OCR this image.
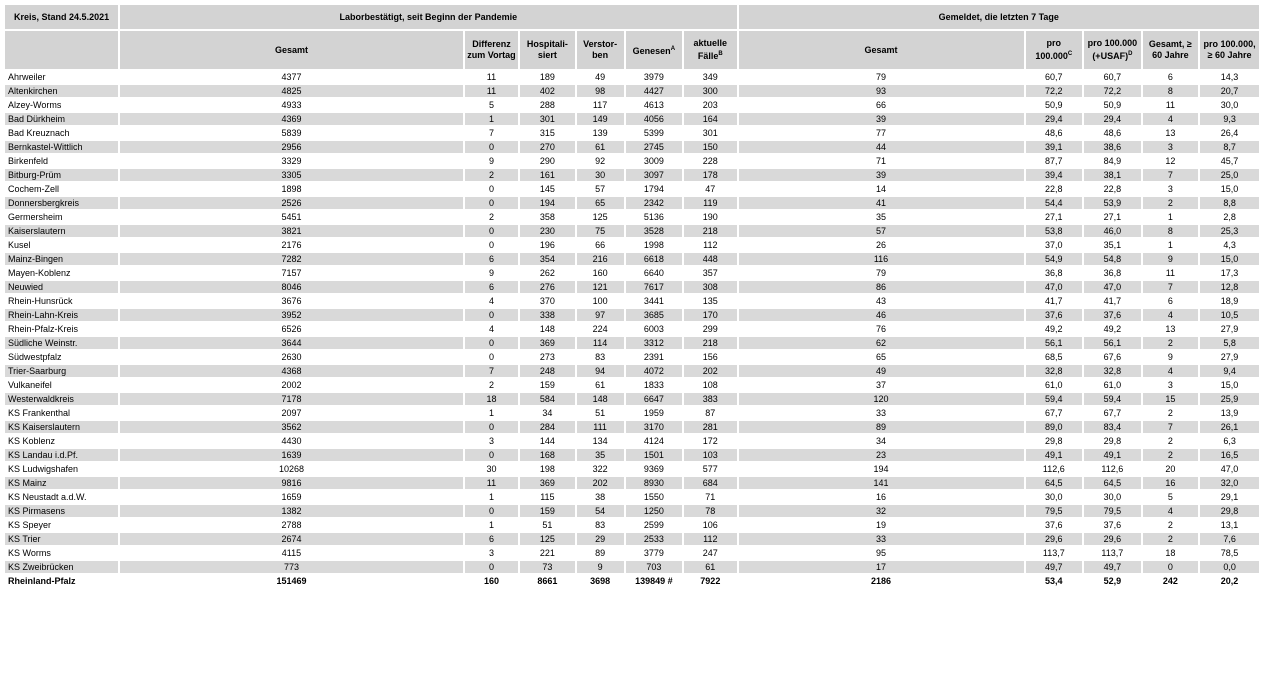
Kreis, Stand 24.5.2021	Laborbestätigt, seit Beginn der Pandemie						Gemeldet, die letzten 7 Tage				
	Gesamt	Differenz zum Vortag	Hospitali-siert	Verstor-ben	Genesen$^A$	aktuelle Fälle$^B$	Gesamt	pro $100.000^C$	pro 100.000 (+USAF)$^D$	Gesamt, ≥ 60 Jahre	pro 100.000, ≥ 60 Jahre
Ahrweiler	4377	11	189	49	3979	349	79	60,7	60,7	6	14,3
Altenkirchen	4825	11	402	98	4427	300	93	72,2	72,2	8	20,7
Alzey-Worms	4933	5	288	117	4613	203	66	50,9	50,9	11	30,0
Bad Dürkheim	4369	1	301	149	4056	164	39	29,4	29,4	4	9,3
Bad Kreuznach	5839	7	315	139	5399	301	77	48,6	48,6	13	26,4
Bernkastel-Wittlich	2956	0	270	61	2745	150	44	39,1	38,6	3	8,7
Birkenfeld	3329	9	290	92	3009	228	71	87,7	84,9	12	45,7
Bitburg-Prüm	3305	2	161	30	3097	178	39	39,4	38,1	7	25,0
Cochem-Zell	1898	0	145	57	1794	47	14	22,8	22,8	3	15,0
Donnersbergkreis	2526	0	194	65	2342	119	41	54,4	53,9	2	8,8
Germersheim	5451	2	358	125	5136	190	35	27,1	27,1	1	2,8
Kaiserslautern	3821	0	230	75	3528	218	57	53,8	46,0	8	25,3
Kusel	2176	0	196	66	1998	112	26	37,0	35,1	1	4,3
Mainz-Bingen	7282	6	354	216	6618	448	116	54,9	54,8	9	15,0
Mayen-Koblenz	7157	9	262	160	6640	357	79	36,8	36,8	11	17,3
Neuwied	8046	6	276	121	7617	308	86	47,0	47,0	7	12,8
Rhein-Hunsrück	3676	4	370	100	3441	135	43	41,7	41,7	6	18,9
Rhein-Lahn-Kreis	3952	0	338	97	3685	170	46	37,6	37,6	4	10,5
Rhein-Pfalz-Kreis	6526	4	148	224	6003	299	76	49,2	49,2	13	27,9
Südliche Weinstr.	3644	0	369	114	3312	218	62	56,1	56,1	2	5,8
Südwestpfalz	2630	0	273	83	2391	156	65	68,5	67,6	9	27,9
Trier-Saarburg	4368	7	248	94	4072	202	49	32,8	32,8	4	9,4
Vulkaneifel	2002	2	159	61	1833	108	37	61,0	61,0	3	15,0
Westerwaldkreis	7178	18	584	148	6647	383	120	59,4	59,4	15	25,9
KS Frankenthal	2097	1	34	51	1959	87	33	67,7	67,7	2	13,9
KS Kaiserslautern	3562	0	284	111	3170	281	89	89,0	83,4	7	26,1
KS Koblenz	4430	3	144	134	4124	172	34	29,8	29,8	2	6,3
KS Landau i.d.Pf.	1639	0	168	35	1501	103	23	49,1	49,1	2	16,5
KS Ludwigshafen	10268	30	198	322	9369	577	194	112,6	112,6	20	47,0
KS Mainz	9816	11	369	202	8930	684	141	64,5	64,5	16	32,0
KS Neustadt a.d.W.	1659	1	115	38	1550	71	16	30,0	30,0	5	29,1
KS Pirmasens	1382	0	159	54	1250	78	32	79,5	79,5	4	29,8
KS Speyer	2788	1	51	83	2599	106	19	37,6	37,6	2	13,1
KS Trier	2674	6	125	29	2533	112	33	29,6	29,6	2	7,6
KS Worms	4115	3	221	89	3779	247	95	113,7	113,7	18	78,5
KS Zweibrücken	773	0	73	9	703	61	17	49,7	49,7	0	0,0
Rheinland-Pfalz	151469	160	8661	3698	139849 #	7922	2186	53,4	52,9	242	20,2
